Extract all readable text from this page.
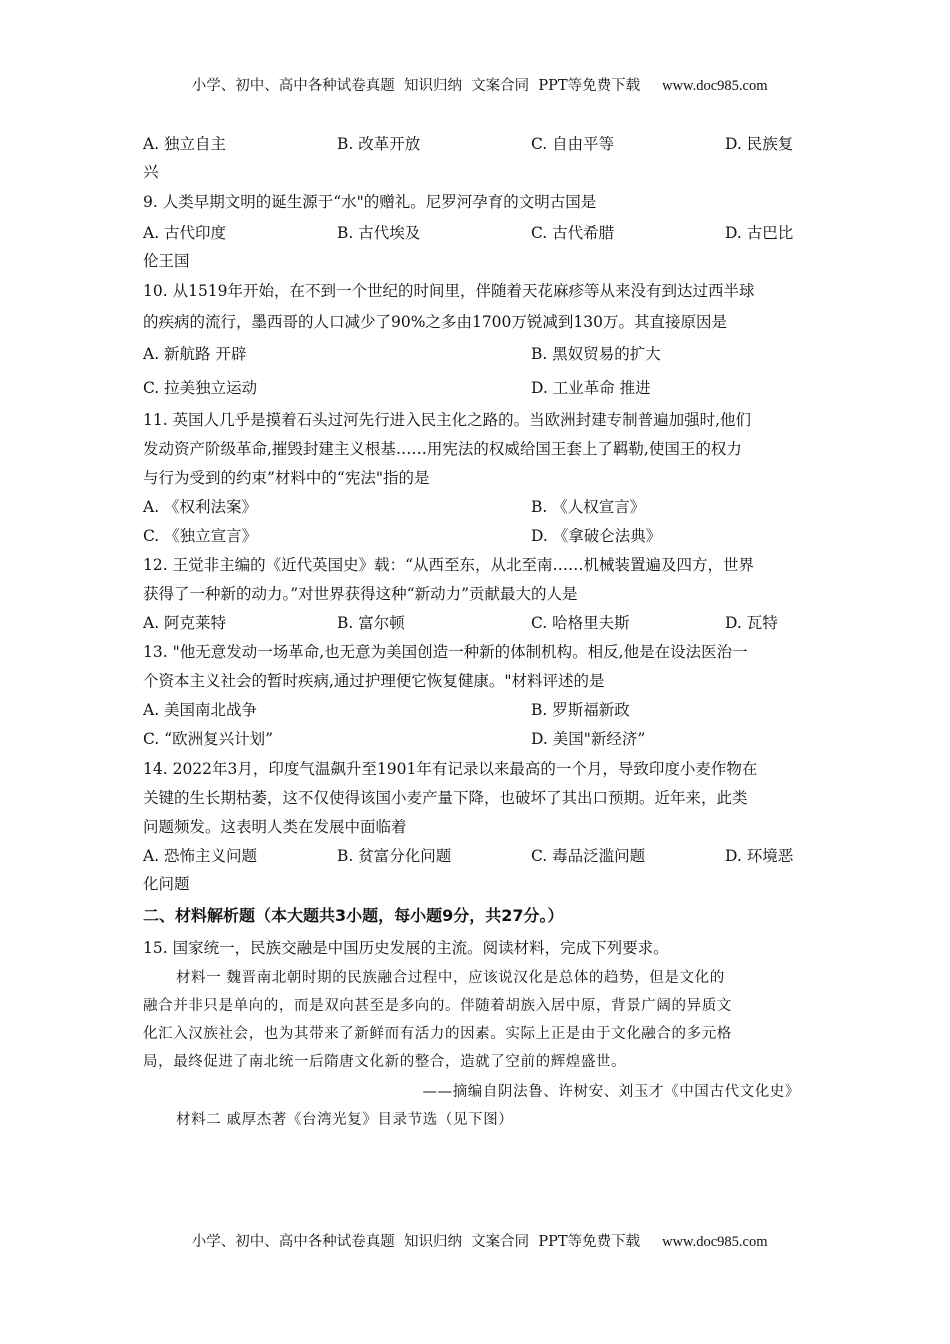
小学、初中、高中各种试卷真题  知识归纳  文案合同  PPT等免费下载 www.doc985.com

A. 独立自主	B. 改革开放	C. 自由平等	D. 民族复
兴
9. 人类早期文明的诞生源于“水"的赠礼。尼罗河孕育的文明古国是
A. 古代印度	B. 古代埃及	C. 古代希腊	D. 古巴比
伦王国
10. 从1519年开始，在不到一个世纪的时间里，伴随着天花麻疹等从来没有到达过西半球
的疾病的流行，墨西哥的人口减少了90%之多由1700万锐减到130万。其直接原因是
A. 新航路 开辟	B. 黑奴贸易的扩大
C. 拉美独立运动	D. 工业革命 推进
11. 英国人几乎是摸着石头过河先行进入民主化之路的。当欧洲封建专制普遍加强时,他们
发动资产阶级革命,摧毁封建主义根基……用宪法的权威给国王套上了羁勒,使国王的权力
与行为受到的约束”材料中的“宪法"指的是
A. 《权利法案》	B. 《人权宣言》
C. 《独立宣言》	D. 《拿破仑法典》
12. 王觉非主编的《近代英国史》载：“从西至东，从北至南……机械装置遍及四方，世界
获得了一种新的动力。”对世界获得这种“新动力”贡献最大的人是
A. 阿克莱特	B. 富尔顿	C. 哈格里夫斯	D. 瓦特
13. "他无意发动一场革命,也无意为美国创造一种新的体制机构。相反,他是在设法医治一
个资本主义社会的暂时疾病,通过护理便它恢复健康。"材料评述的是
A. 美国南北战争	B. 罗斯福新政
C. “欧洲复兴计划”	D. 美国"新经济”
14. 2022年3月，印度气温飙升至1901年有记录以来最高的一个月，导致印度小麦作物在
关键的生长期枯萎，这不仅使得该国小麦产量下降，也破坏了其出口预期。近年来，此类
问题频发。这表明人类在发展中面临着
A. 恐怖主义问题	B. 贫富分化问题	C. 毒品泛滥问题	D. 环境恶
化问题
二、材料解析题（本大题共3小题，每小题9分，共27分。）
15. 国家统一，民族交融是中国历史发展的主流。阅读材料，完成下列要求。
材料一 魏晋南北朝时期的民族融合过程中，应该说汉化是总体的趋势，但是文化的
融合并非只是单向的，而是双向甚至是多向的。伴随着胡族入居中原，背景广阔的异质文
化汇入汉族社会，也为其带来了新鲜而有活力的因素。实际上正是由于文化融合的多元格
局，最终促进了南北统一后隋唐文化新的整合，造就了空前的辉煌盛世。
——摘编自阴法鲁、许树安、刘玉才《中国古代文化史》
材料二 戚厚杰著《台湾光复》目录节选（见下图）

小学、初中、高中各种试卷真题  知识归纳  文案合同  PPT等免费下载 www.doc985.com
